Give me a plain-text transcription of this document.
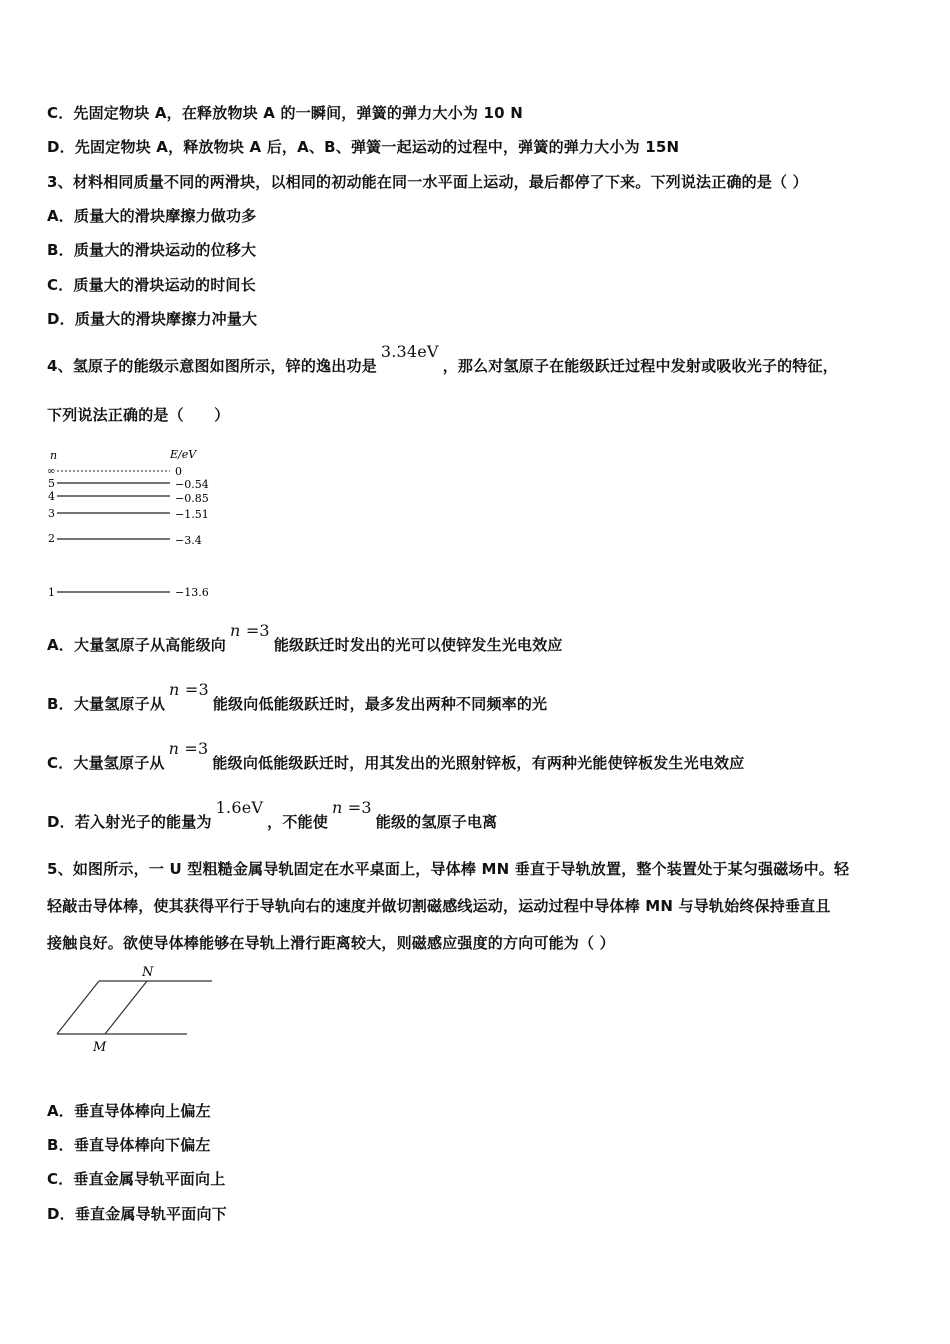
C．先固定物块 A，在释放物块 A 的一瞬间，弹簧的弹力大小为 10 N
D．先固定物块 A，释放物块 A 后，A、B、弹簧一起运动的过程中，弹簧的弹力大小为 15N
3、材料相同质量不同的两滑块，以相同的初动能在同一水平面上运动，最后都停了下来。下列说法正确的是（ ）
A．质量大的滑块摩擦力做功多
B．质量大的滑块运动的位移大
C．质量大的滑块运动的时间长
D．质量大的滑块摩擦力冲量大
4、氢原子的能级示意图如图所示，锌的逸出功是3.34eV，那么对氢原子在能级跃迁过程中发射或吸收光子的特征，
下列说法正确的是（　　）
n	E/eV
∞	0
5	−0.54
4	−0.85
3	−1.51
2	−3.4
1	−13.6
A．大量氢原子从高能级向n =3能级跃迁时发出的光可以使锌发生光电效应
B．大量氢原子从n =3能级向低能级跃迁时，最多发出两种不同频率的光
C．大量氢原子从n =3能级向低能级跃迁时，用其发出的光照射锌板，有两种光能使锌板发生光电效应
D．若入射光子的能量为1.6eV，不能使n =3能级的氢原子电离
5、如图所示，一 U 型粗糙金属导轨固定在水平桌面上，导体棒 MN 垂直于导轨放置，整个装置处于某匀强磁场中。轻
轻敲击导体棒，使其获得平行于导轨向右的速度并做切割磁感线运动，运动过程中导体棒 MN 与导轨始终保持垂直且
接触良好。欲使导体棒能够在导轨上滑行距离较大，则磁感应强度的方向可能为（ ）
N
M
A．垂直导体棒向上偏左
B．垂直导体棒向下偏左
C．垂直金属导轨平面向上
D．垂直金属导轨平面向下
